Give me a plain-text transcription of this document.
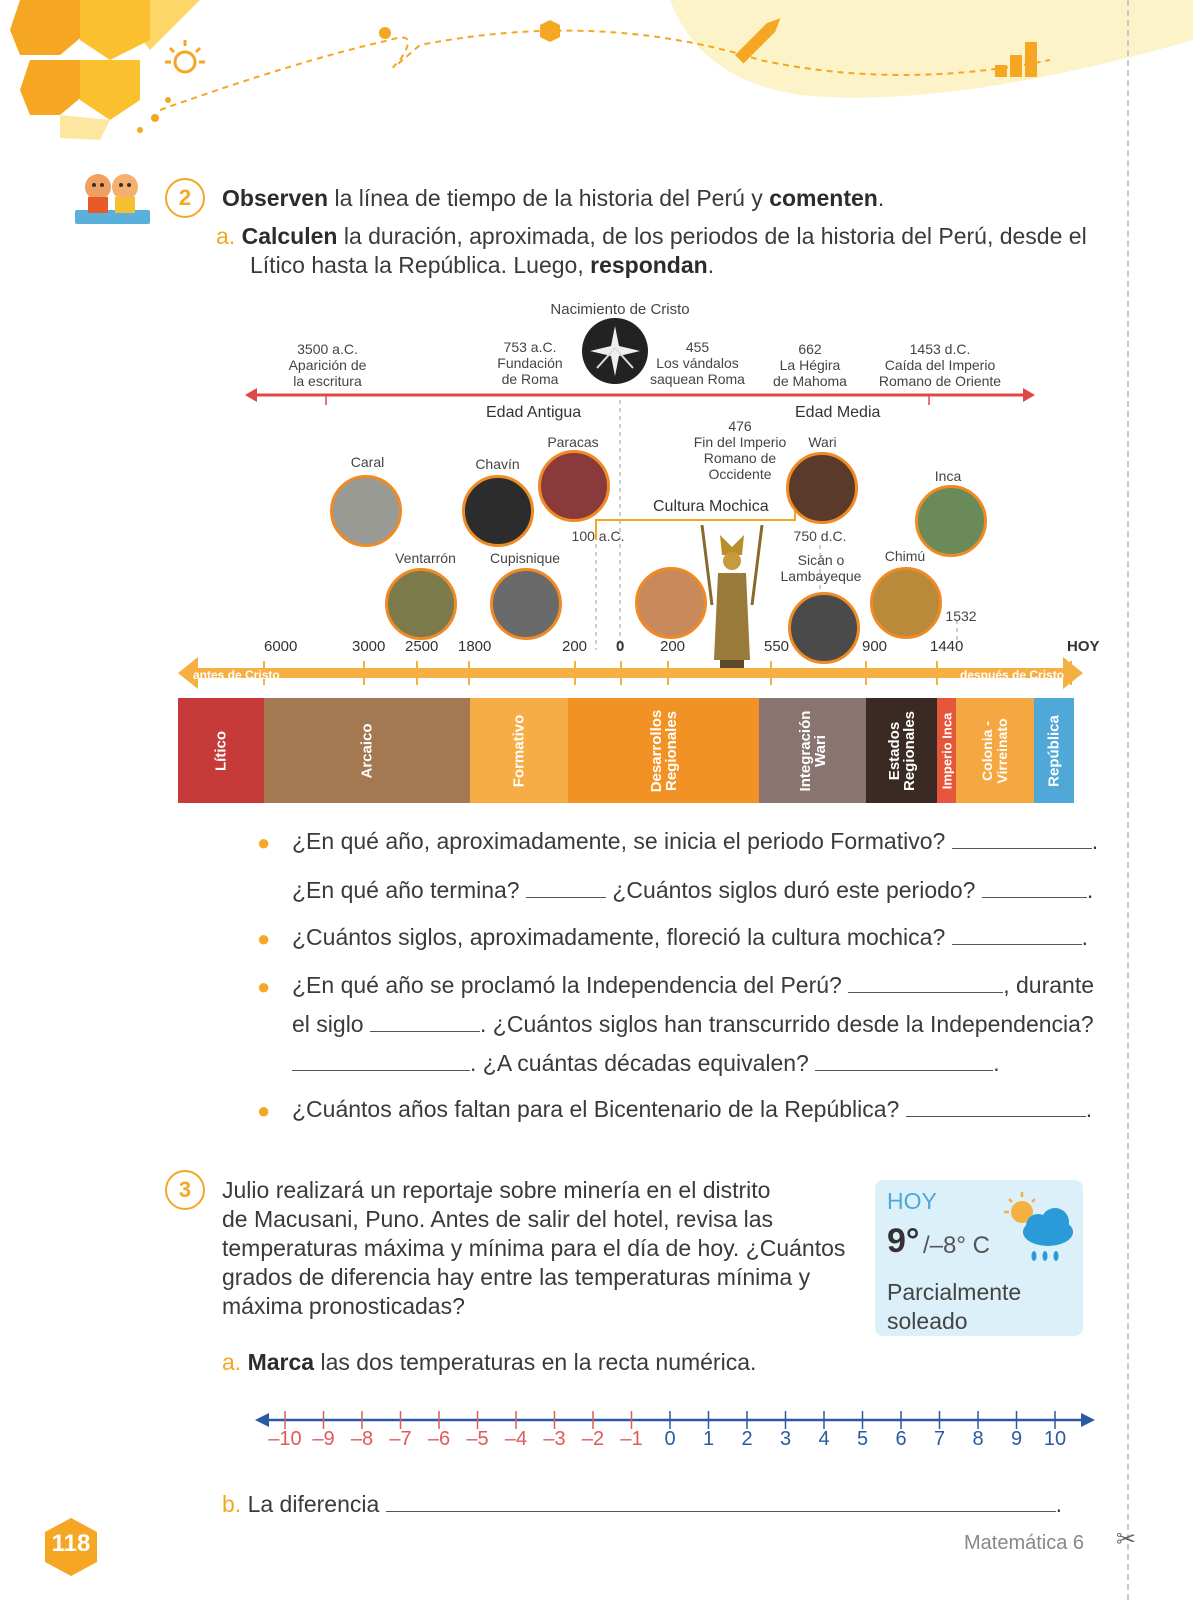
✂
2	Observen la línea de tiempo de la historia del Perú y comenten.
a. Calculen la duración, aproximada, de los periodos de la historia del Perú, desde el
Lítico hasta la República. Luego, respondan.
Nacimiento de Cristo
3500 a.C.
Aparición de
la escritura
753 a.C.
Fundación
de Roma
455
Los vándalos
saquean Roma
662
La Hégira
de Mahoma
1453 d.C.
Caída del Imperio
Romano de Oriente
Edad Antigua	Edad Media
476
Fin del Imperio
Romano de
Occidente
Caral	Chavín
Paracas	Wari
Inca
Cultura Mochica
100 a.C.	750 d.C.
Ventarrón	Cupisnique	Sicán o
Lambayeque
Chimú
1532
6000	3000 2500 1800	200 0 200	550	900	1440	HOY
antes de Cristo	después de Cristo
Lítico	Arcaico	Formativo	Desarrollos Regionales	Integración Wari	Estados Regionales Imperio Inca Colonia - Virreinato República
● ¿En qué año, aproximadamente, se inicia el periodo Formativo?	.
¿En qué año termina?	¿Cuántos siglos duró este periodo?	.
● ¿Cuántos siglos, aproximadamente, floreció la cultura mochica?	.
● ¿En qué año se proclamó la Independencia del Perú?	, durante
el siglo	. ¿Cuántos siglos han transcurrido desde la Independencia?
. ¿A cuántas décadas equivalen?	.
● ¿Cuántos años faltan para el Bicentenario de la República?	.
3	Julio realizará un reportaje sobre minería en el distrito
de Macusani, Puno. Antes de salir del hotel, revisa las
temperaturas máxima y mínima para el día de hoy. ¿Cuántos
grados de diferencia hay entre las temperaturas mínima y
máxima pronosticadas?
a. Marca las dos temperaturas en la recta numérica.
HOY
9° /–8° C
Parcialmente
soleado
–10 –9 –8 –7 –6 –5 –4 –3 –2 –1	0	1	2	3	4	5	6	7	8	9	10
b. La diferencia	.
118	Matemática 6
